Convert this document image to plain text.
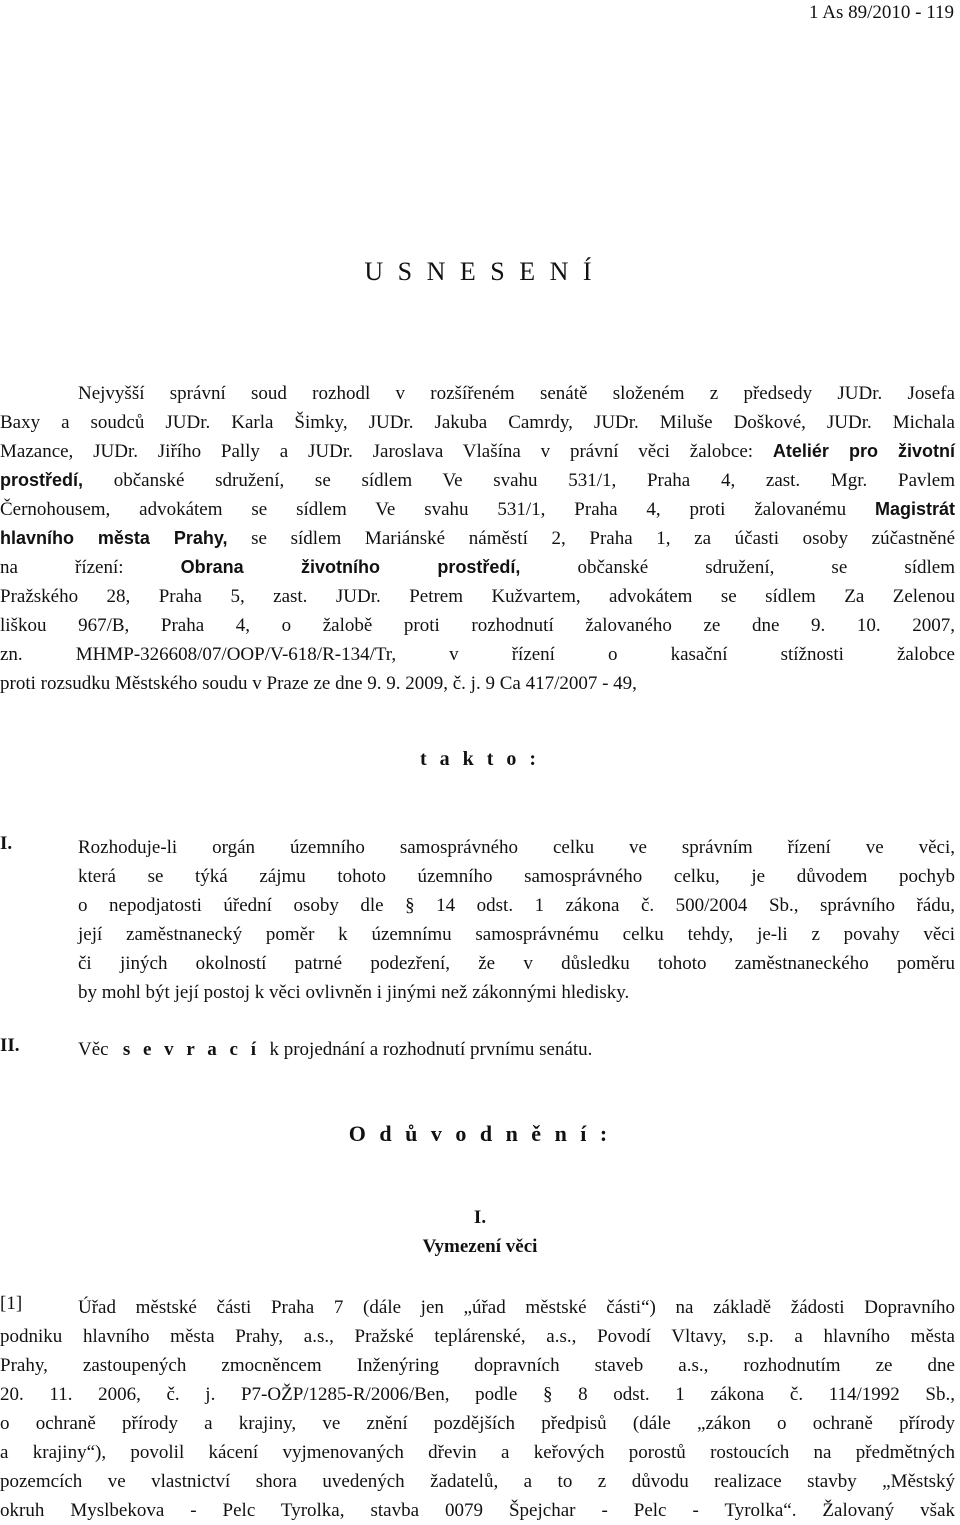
1 As 89/2010 - 119
U S N E S E N Í
Nejvyšší správní soud rozhodl v rozšířeném senátě složeném z předsedy JUDr. Josefa
Baxy a soudců JUDr. Karla Šimky, JUDr. Jakuba Camrdy, JUDr. Miluše Doškové, JUDr. Michala
Mazance, JUDr. Jiřího Pally a JUDr. Jaroslava Vlašína v právní věci žalobce: Ateliér pro životní
prostředí, občanské sdružení, se sídlem Ve svahu 531/1, Praha 4, zast. Mgr. Pavlem
Černohousem, advokátem se sídlem Ve svahu 531/1, Praha 4, proti žalovanému Magistrát
hlavního města Prahy, se sídlem Mariánské náměstí 2, Praha 1, za účasti osoby zúčastněné
na řízení:	Obrana životního prostředí,	občanské sdružení, se sídlem
Pražského 28, Praha 5, zast. JUDr. Petrem Kužvartem, advokátem se sídlem Za Zelenou
liškou 967/B, Praha 4, o žalobě proti rozhodnutí žalovaného ze dne 9. 10. 2007,
zn. MHMP-326608/07/OOP/V-618/R-134/Tr, v řízení o kasační stížnosti žalobce
proti rozsudku Městského soudu v Praze ze dne 9. 9. 2009, č. j. 9 Ca 417/2007 - 49,
t a k t o :
I.	Rozhoduje-li orgán územního samosprávného celku ve správním řízení ve věci,
která se týká zájmu tohoto územního samosprávného celku, je důvodem pochyb
o nepodjatosti úřední osoby dle § 14 odst. 1 zákona č. 500/2004 Sb., správního řádu,
její zaměstnanecký poměr k územnímu samosprávnému celku tehdy, je-li z povahy věci
či jiných okolností patrné podezření, že v důsledku tohoto zaměstnaneckého poměru
by mohl být její postoj k věci ovlivněn i jinými než zákonnými hledisky.
II.	Věc s e v r a c í k projednání a rozhodnutí prvnímu senátu.
O d ů v o d n ě n í :
I.
Vymezení věci
[1]	Úřad městské části Praha 7 (dále jen „úřad městské části“) na základě žádosti Dopravního
podniku hlavního města Prahy, a.s., Pražské teplárenské, a.s., Povodí Vltavy, s.p. a hlavního města
Prahy, zastoupených zmocněncem Inženýring dopravních staveb a.s., rozhodnutím ze dne
20. 11. 2006, č. j. P7-OŽP/1285-R/2006/Ben, podle § 8 odst. 1 zákona č. 114/1992 Sb.,
o ochraně přírody a krajiny, ve znění pozdějších předpisů (dále „zákon o ochraně přírody
a krajiny“), povolil kácení vyjmenovaných dřevin a keřových porostů rostoucích na předmětných
pozemcích ve vlastnictví shora uvedených žadatelů, a to z důvodu realizace stavby „Městský
okruh Myslbekova - Pelc Tyrolka, stavba 0079 Špejchar - Pelc - Tyrolka“. Žalovaný však
